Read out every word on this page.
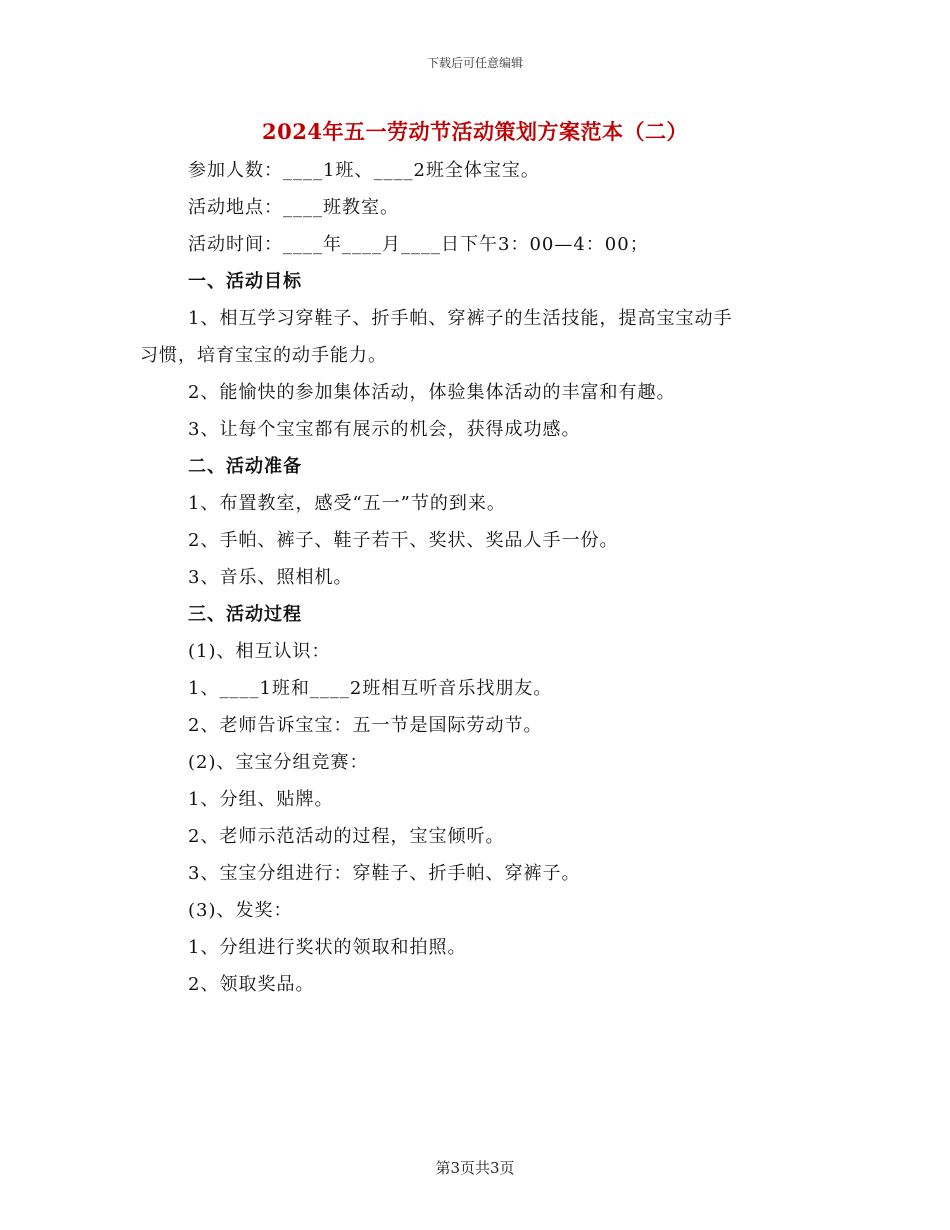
下载后可任意编辑
2024年五一劳动节活动策划方案范本（二）
参加人数：____1班、____2班全体宝宝。
活动地点：____班教室。
活动时间：____年____月____日下午3：00—4：00；
一、活动目标
1、相互学习穿鞋子、折手帕、穿裤子的生活技能，提高宝宝动手
习惯，培育宝宝的动手能力。
2、能愉快的参加集体活动，体验集体活动的丰富和有趣。
3、让每个宝宝都有展示的机会，获得成功感。
二、活动准备
1、布置教室，感受“五一”节的到来。
2、手帕、裤子、鞋子若干、奖状、奖品人手一份。
3、音乐、照相机。
三、活动过程
(1)、相互认识：
1、____1班和____2班相互听音乐找朋友。
2、老师告诉宝宝：五一节是国际劳动节。
(2)、宝宝分组竞赛：
1、分组、贴牌。
2、老师示范活动的过程，宝宝倾听。
3、宝宝分组进行：穿鞋子、折手帕、穿裤子。
(3)、发奖：
1、分组进行奖状的领取和拍照。
2、领取奖品。
第3页共3页
